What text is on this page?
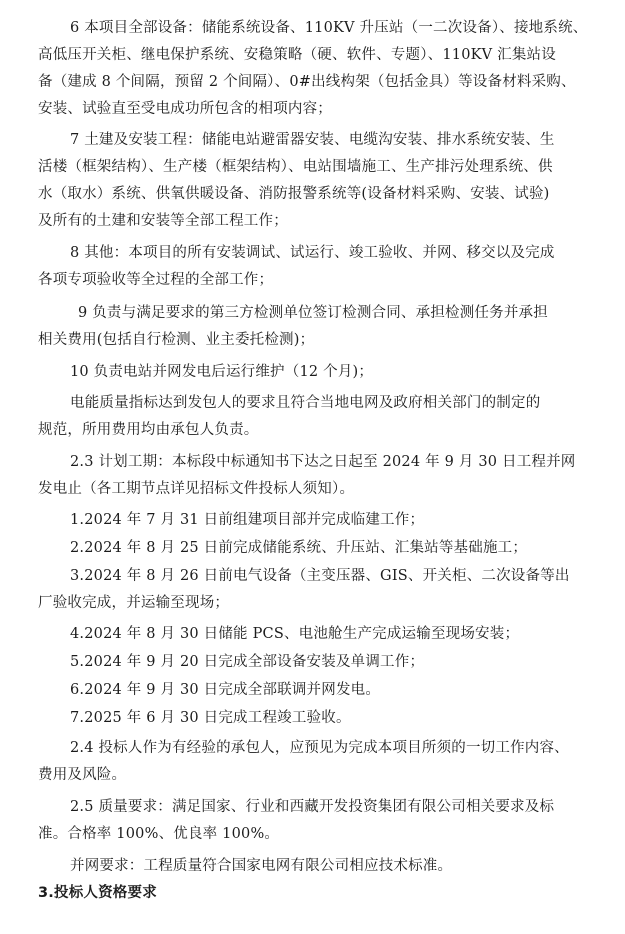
6 本项目全部设备：储能系统设备、110KV 升压站（一二次设备）、接地系统、
高低压开关柜、继电保护系统、安稳策略（硬、软件、专题）、110KV 汇集站设
备（建成 8 个间隔，预留 2 个间隔）、0#出线构架（包括金具）等设备材料采购、
安装、试验直至受电成功所包含的相项内容；
7 土建及安装工程：储能电站避雷器安装、电缆沟安装、排水系统安装、生
活楼（框架结构）、生产楼（框架结构）、电站围墙施工、生产排污处理系统、供
水（取水）系统、供氧供暖设备、消防报警系统等(设备材料采购、安装、试验)
及所有的土建和安装等全部工程工作；
8 其他：本项目的所有安装调试、试运行、竣工验收、并网、移交以及完成
各项专项验收等全过程的全部工作；
9 负责与满足要求的第三方检测单位签订检测合同、承担检测任务并承担
相关费用(包括自行检测、业主委托检测)；
10 负责电站并网发电后运行维护（12 个月)；
电能质量指标达到发包人的要求且符合当地电网及政府相关部门的制定的
规范，所用费用均由承包人负责。
2.3 计划工期：本标段中标通知书下达之日起至 2024 年 9 月 30 日工程并网
发电止（各工期节点详见招标文件投标人须知）。
1.2024 年 7 月 31 日前组建项目部并完成临建工作；
2.2024 年 8 月 25 日前完成储能系统、升压站、汇集站等基础施工；
3.2024 年 8 月 26 日前电气设备（主变压器、GIS、开关柜、二次设备等出
厂验收完成，并运输至现场；
4.2024 年 8 月 30 日储能 PCS、电池舱生产完成运输至现场安装；
5.2024 年 9 月 20 日完成全部设备安装及单调工作；
6.2024 年 9 月 30 日完成全部联调并网发电。
7.2025 年 6 月 30 日完成工程竣工验收。
2.4 投标人作为有经验的承包人，应预见为完成本项目所须的一切工作内容、
费用及风险。
2.5 质量要求：满足国家、行业和西藏开发投资集团有限公司相关要求及标
准。合格率 100%、优良率 100%。
并网要求：工程质量符合国家电网有限公司相应技术标准。
3.投标人资格要求
